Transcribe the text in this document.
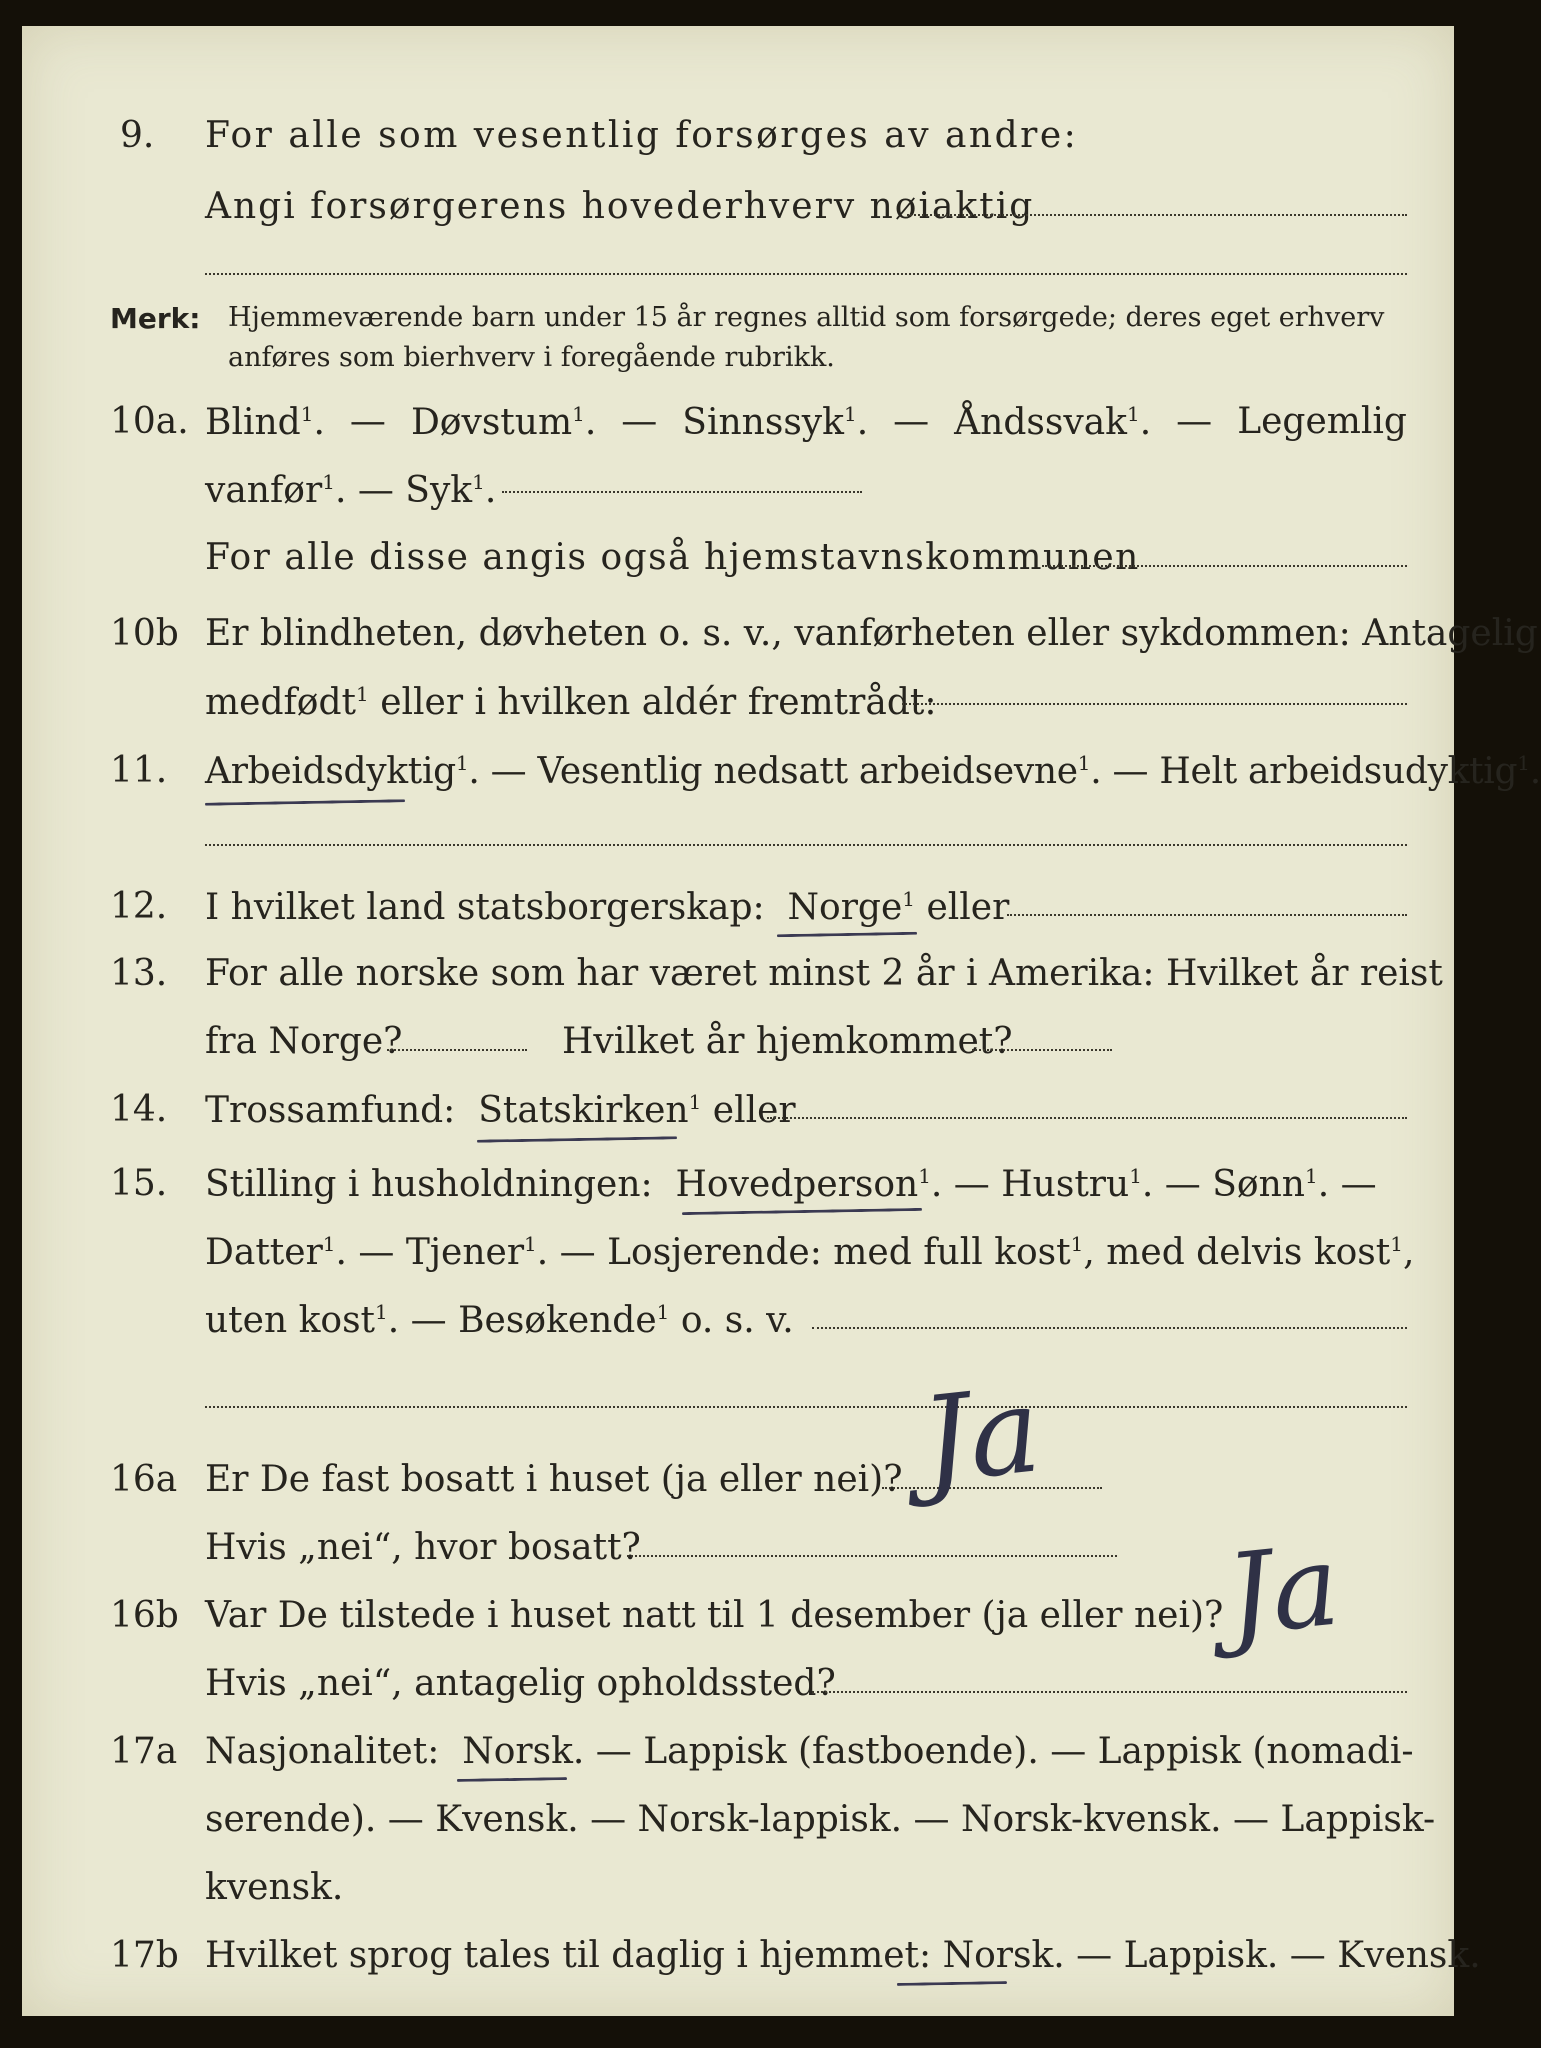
9. For alle som vesentlig forsørges av andre:
Angi forsørgerens hovederhverv nøiaktig
Merk: Hjemmeværende barn under 15 år regnes alltid som forsørgede; deres eget erhverv
anføres som bierhverv i foregående rubrikk.
10a. Blind$^1$. — Døvstum$^1$. — Sinnssyk$^1$. — Åndssvak$^1$. — Legemlig
vanfør$^1$. — Syk$^1$.
For alle disse angis også hjemstavnskommunen
10b Er blindheten, døvheten o. s. v., vanførheten eller sykdommen: Antagelig
medfødt$^1$ eller i hvilken aldér fremtrådt:
11. Arbeidsdyktig$^1$. — Vesentlig nedsatt arbeidsevne$^1$. — Helt arbeidsudyktig$^1$.
12. I hvilket land statsborgerskap: Norge$^1$ eller
13. For alle norske som har været minst 2 år i Amerika: Hvilket år reist
fra Norge?	Hvilket år hjemkommet?
14. Trossamfund: Statskirken$^1$ eller
15. Stilling i husholdningen: Hovedperson$^1$. — Hustru$^1$. — Sønn$^1$. —
Datter$^1$. — Tjener$^1$. — Losjerende: med full kost$^1$, med delvis kost$^1$,
uten kost$^1$. — Besøkende$^1$ o. s. v.
16a Er De fast bosatt i huset (ja eller nei)? Ja
Hvis „nei“, hvor bosatt?
16b Var De tilstede i huset natt til 1 desember (ja eller nei)?
Ja
Hvis „nei“, antagelig opholdssted?
17a Nasjonalitet: Norsk. — Lappisk (fastboende). — Lappisk (nomadi-
serende). — Kvensk. — Norsk-lappisk. — Norsk-kvensk. — Lappisk-
kvensk.
17b Hvilket sprog tales til daglig i hjemmet: Norsk. — Lappisk. — Kvensk.
